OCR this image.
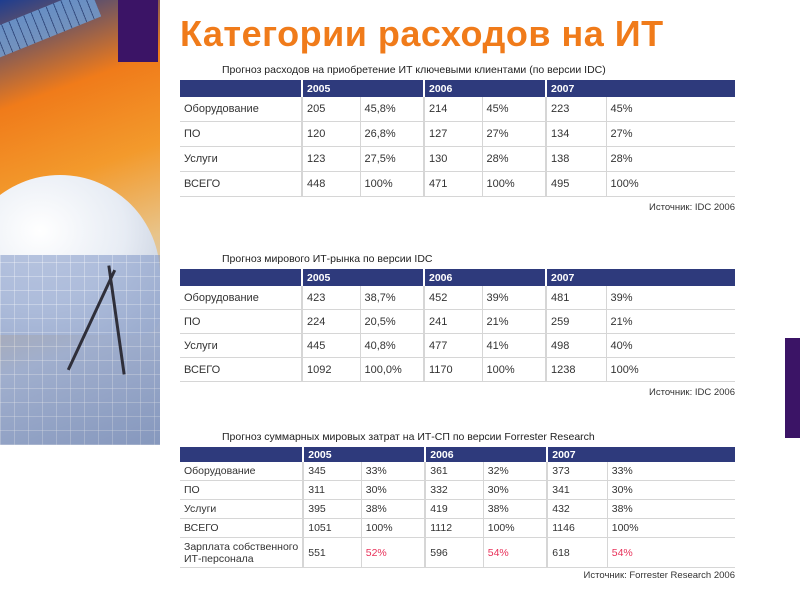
Категории расходов на ИТ
Прогноз расходов на приобретение ИТ ключевыми клиентами (по версии IDC)
	2005		2006		2007	
Оборудование	205	45,8%	214	45%	223	45%
ПО	120	26,8%	127	27%	134	27%
Услуги	123	27,5%	130	28%	138	28%
ВСЕГО	448	100%	471	100%	495	100%
Источник: IDC 2006
Прогноз мирового ИТ-рынка по версии IDC
	2005		2006		2007	
Оборудование	423	38,7%	452	39%	481	39%
ПО	224	20,5%	241	21%	259	21%
Услуги	445	40,8%	477	41%	498	40%
ВСЕГО	1092	100,0%	1170	100%	1238	100%
Источник: IDC 2006
Прогноз суммарных мировых затрат на ИТ-СП по версии Forrester Research
	2005		2006		2007	
Оборудование	345	33%	361	32%	373	33%
ПО	311	30%	332	30%	341	30%
Услуги	395	38%	419	38%	432	38%
ВСЕГО	1051	100%	1112	100%	1146	100%
Зарплата собственного
ИТ-персонала	551	52%	596	54%	618	54%
Источник: Forrester Research 2006
